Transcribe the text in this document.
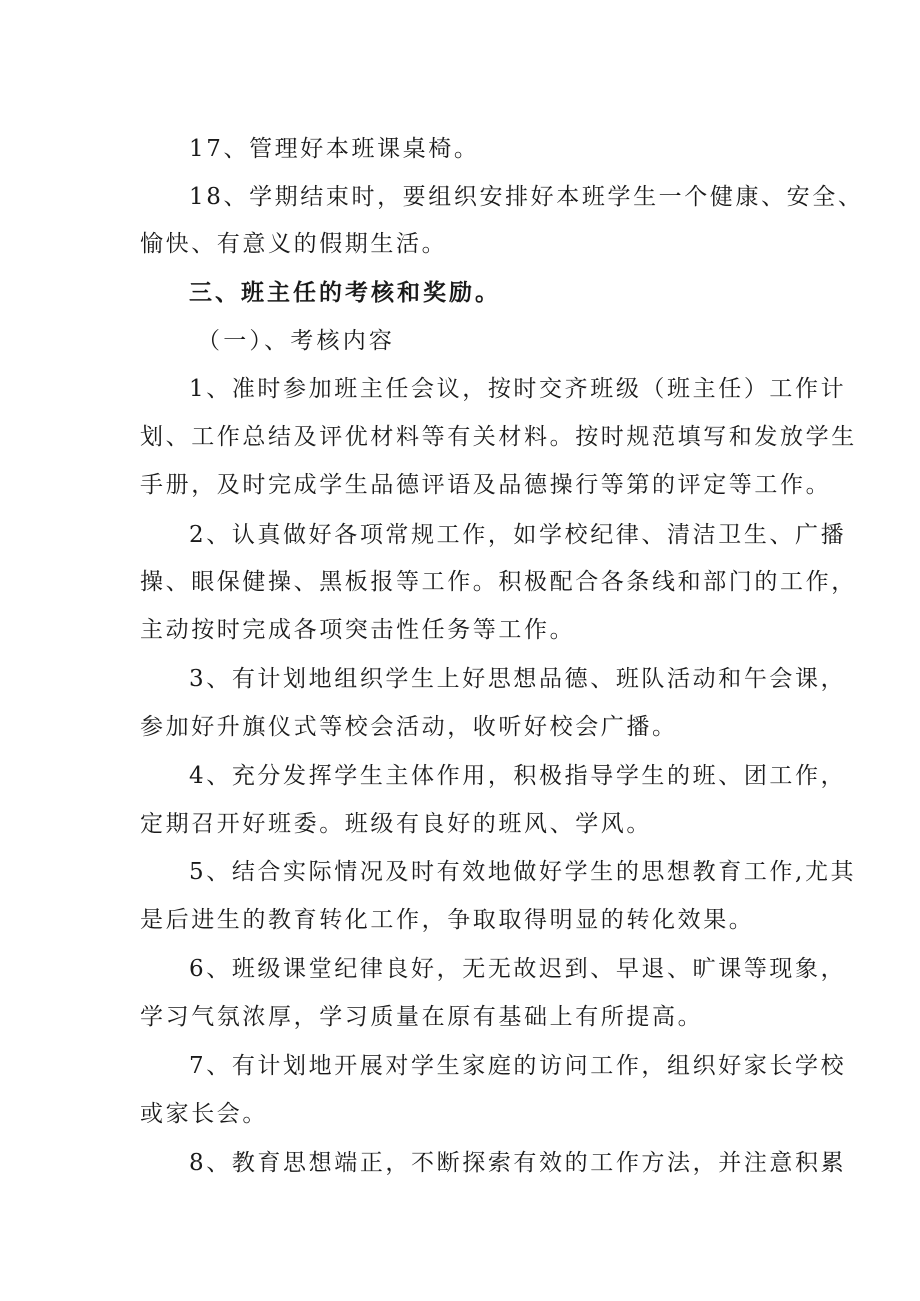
17、管理好本班课桌椅。
18、学期结束时，要组织安排好本班学生一个健康、安全、
愉快、有意义的假期生活。
三、班主任的考核和奖励。
（一）、考核内容
1、准时参加班主任会议，按时交齐班级（班主任）工作计
划、工作总结及评优材料等有关材料。按时规范填写和发放学生
手册，及时完成学生品德评语及品德操行等第的评定等工作。
2、认真做好各项常规工作，如学校纪律、清洁卫生、广播
操、眼保健操、黑板报等工作。积极配合各条线和部门的工作，
主动按时完成各项突击性任务等工作。
3、有计划地组织学生上好思想品德、班队活动和午会课，
参加好升旗仪式等校会活动，收听好校会广播。
4、充分发挥学生主体作用，积极指导学生的班、团工作，
定期召开好班委。班级有良好的班风、学风。
5、结合实际情况及时有效地做好学生的思想教育工作,尤其
是后进生的教育转化工作，争取取得明显的转化效果。
6、班级课堂纪律良好，无无故迟到、早退、旷课等现象，
学习气氛浓厚，学习质量在原有基础上有所提高。
7、有计划地开展对学生家庭的访问工作，组织好家长学校
或家长会。
8、教育思想端正，不断探索有效的工作方法，并注意积累
